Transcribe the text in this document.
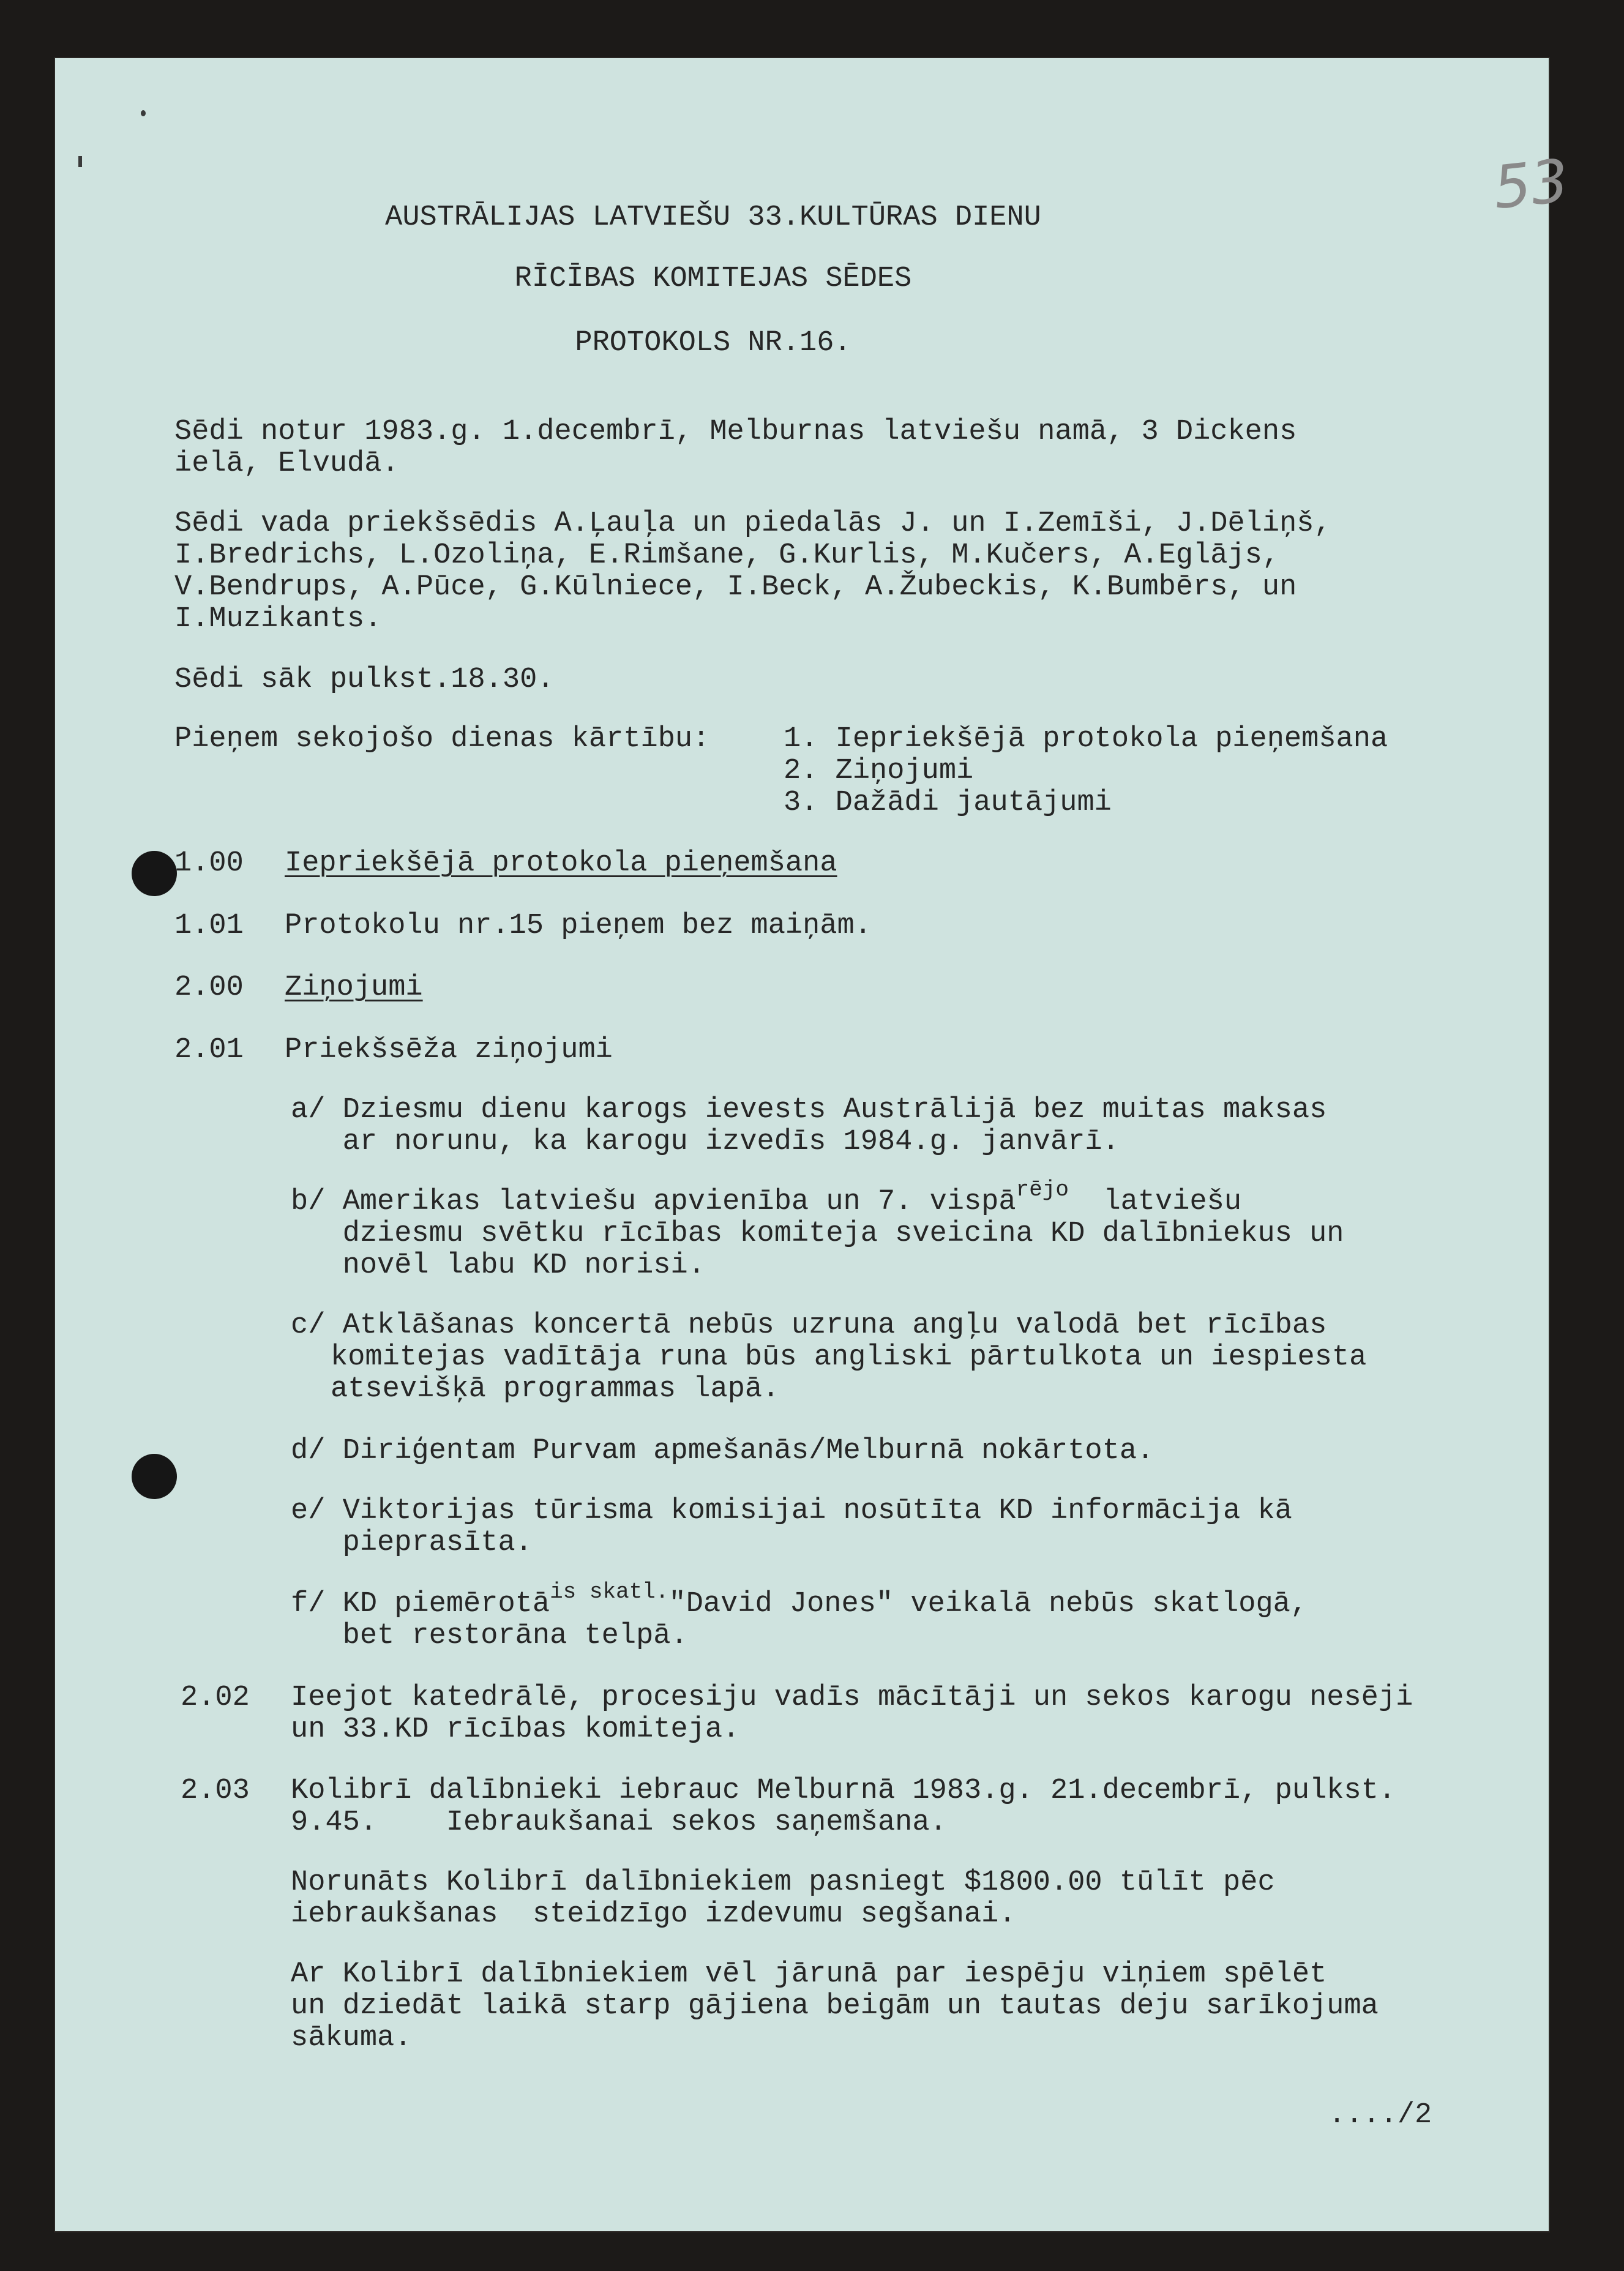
53
AUSTRĀLIJAS LATVIEŠU 33.KULTŪRAS DIENU
RĪCĪBAS KOMITEJAS SĒDES
PROTOKOLS NR.16.
Sēdi notur 1983.g. 1.decembrī, Melburnas latviešu namā, 3 Dickens
ielā, Elvudā.
Sēdi vada priekšsēdis A.Ļauļa un piedalās J. un I.Zemīši, J.Dēliņš,
I.Bredrichs, L.Ozoliņa, E.Rimšane, G.Kurlis, M.Kučers, A.Eglājs,
V.Bendrups, A.Pūce, G.Kūlniece, I.Beck, A.Žubeckis, K.Bumbērs, un
I.Muzikants.
Sēdi sāk pulkst.18.30.
Pieņem sekojošo dienas kārtību:	1. Iepriekšējā protokola pieņemšana
2. Ziņojumi
3. Dažādi jautājumi
1.00 Iepriekšējā protokola pieņemšana
1.01 Protokolu nr.15 pieņem bez maiņām.
2.00 Ziņojumi
2.01 Priekšsēža ziņojumi
a/ Dziesmu dienu karogs ievests Austrālijā bez muitas maksas
ar norunu, ka karogu izvedīs 1984.g. janvārī.
b/ Amerikas latviešu apvienība un 7. vispā$^{rējo}$ latviešu
dziesmu svētku rīcības komiteja sveicina KD dalībniekus un
novēl labu KD norisi.
c/ Atklāšanas koncertā nebūs uzruna angļu valodā bet rīcības
komitejas vadītāja runa būs angliski pārtulkota un iespiesta
atsevišķā programmas lapā.
d/ Diriģentam Purvam apmešanās/Melburnā nokārtota.
e/ Viktorijas tūrisma komisijai nosūtīta KD informācija kā
pieprasīta.
f/ KD piemērotā$^{is skatl.}$"David Jones" veikalā nebūs skatlogā,
bet restorāna telpā.
2.02 Ieejot katedrālē, procesiju vadīs mācītāji un sekos karogu nesēji
un 33.KD rīcības komiteja.
2.03 Kolibrī dalībnieki iebrauc Melburnā 1983.g. 21.decembrī, pulkst.
9.45.    Iebraukšanai sekos saņemšana.
Norunāts Kolibrī dalībniekiem pasniegt $1800.00 tūlīt pēc
iebraukšanas  steidzīgo izdevumu segšanai.
Ar Kolibrī dalībniekiem vēl jārunā par iespēju viņiem spēlēt
un dziedāt laikā starp gājiena beigām un tautas deju sarīkojuma
sākuma.
..../2
